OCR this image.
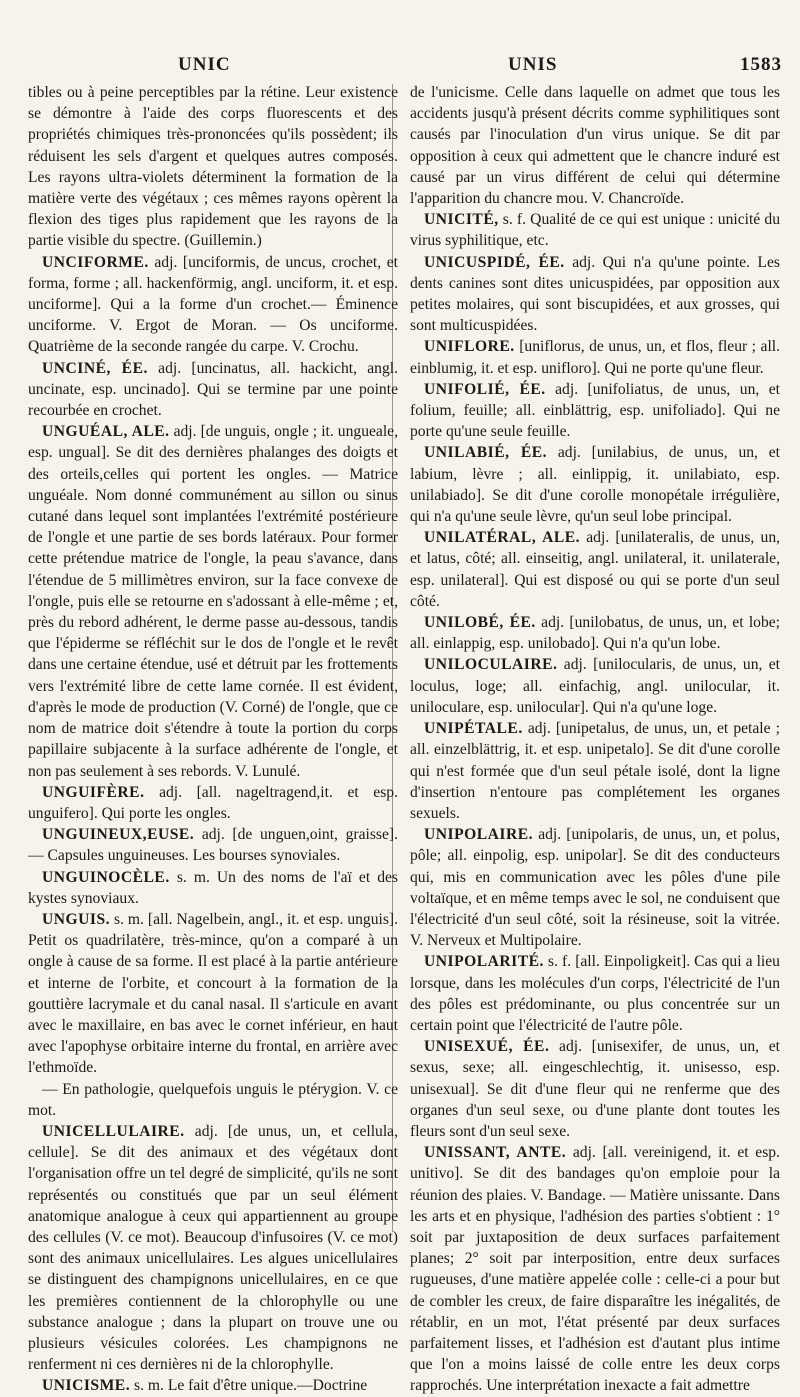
UNIC	UNIS	1583

tibles ou à peine perceptibles par la rétine. Leur existence se démontre à l'aide des corps fluorescents et des propriétés chimiques très-prononcées qu'ils possèdent; ils réduisent les sels d'argent et quelques autres composés. Les rayons ultra-violets déterminent la formation de la matière verte des végétaux ; ces mêmes rayons opèrent la flexion des tiges plus rapidement que les rayons de la partie visible du spectre. (Guillemin.)

UNCIFORME. adj. [unciformis, de uncus, crochet, et forma, forme ; all. hackenförmig, angl. unciform, it. et esp. unciforme]. Qui a la forme d'un crochet.— Éminence unciforme. V. Ergot de Moran. — Os unciforme. Quatrième de la seconde rangée du carpe. V. Crochu.

UNCINÉ, ÉE. adj. [uncinatus, all. hackicht, angl. uncinate, esp. uncinado]. Qui se termine par une pointe recourbée en crochet.

UNGUÉAL, ALE. adj. [de unguis, ongle ; it. ungueale, esp. ungual]. Se dit des dernières phalanges des doigts et des orteils,celles qui portent les ongles. — Matrice unguéale. Nom donné communément au sillon ou sinus cutané dans lequel sont implantées l'extrémité postérieure de l'ongle et une partie de ses bords latéraux. Pour former cette prétendue matrice de l'ongle, la peau s'avance, dans l'étendue de 5 millimètres environ, sur la face convexe de l'ongle, puis elle se retourne en s'adossant à elle-même ; et, près du rebord adhérent, le derme passe au-dessous, tandis que l'épiderme se réfléchit sur le dos de l'ongle et le revêt dans une certaine étendue, usé et détruit par les frottements vers l'extrémité libre de cette lame cornée. Il est évident, d'après le mode de production (V. Corné) de l'ongle, que ce nom de matrice doit s'étendre à toute la portion du corps papillaire subjacente à la surface adhérente de l'ongle, et non pas seulement à ses rebords. V. Lunulé.

UNGUIFÈRE. adj. [all. nageltragend,it. et esp. unguifero]. Qui porte les ongles.

UNGUINEUX,EUSE. adj. [de unguen,oint, graisse]. — Capsules unguineuses. Les bourses synoviales.

UNGUINOCÈLE. s. m. Un des noms de l'aï et des kystes synoviaux.

UNGUIS. s. m. [all. Nagelbein, angl., it. et esp. unguis]. Petit os quadrilatère, très-mince, qu'on a comparé à un ongle à cause de sa forme. Il est placé à la partie antérieure et interne de l'orbite, et concourt à la formation de la gouttière lacrymale et du canal nasal. Il s'articule en avant avec le maxillaire, en bas avec le cornet inférieur, en haut avec l'apophyse orbitaire interne du frontal, en arrière avec l'ethmoïde.

— En pathologie, quelquefois unguis le ptérygion. V. ce mot.

UNICELLULAIRE. adj. [de unus, un, et cellula, cellule]. Se dit des animaux et des végétaux dont l'organisation offre un tel degré de simplicité, qu'ils ne sont représentés ou constitués que par un seul élément anatomique analogue à ceux qui appartiennent au groupe des cellules (V. ce mot). Beaucoup d'infusoires (V. ce mot) sont des animaux unicellulaires. Les algues unicellulaires se distinguent des champignons unicellulaires, en ce que les premières contiennent de la chlorophylle ou une substance analogue ; dans la plupart on trouve une ou plusieurs vésicules colorées. Les champignons ne renferment ni ces dernières ni de la chlorophylle.

UNICISME. s. m. Le fait d'être unique.—Doctrine

de l'unicisme. Celle dans laquelle on admet que tous les accidents jusqu'à présent décrits comme syphilitiques sont causés par l'inoculation d'un virus unique. Se dit par opposition à ceux qui admettent que le chancre induré est causé par un virus différent de celui qui détermine l'apparition du chancre mou. V. Chancroïde.

UNICITÉ, s. f. Qualité de ce qui est unique : unicité du virus syphilitique, etc.

UNICUSPIDÉ, ÉE. adj. Qui n'a qu'une pointe. Les dents canines sont dites unicuspidées, par opposition aux petites molaires, qui sont biscupidées, et aux grosses, qui sont multicuspidées.

UNIFLORE. [uniflorus, de unus, un, et flos, fleur ; all. einblumig, it. et esp. unifloro]. Qui ne porte qu'une fleur.

UNIFOLIÉ, ÉE. adj. [unifoliatus, de unus, un, et folium, feuille; all. einblättrig, esp. unifoliado]. Qui ne porte qu'une seule feuille.

UNILABIÉ, ÉE. adj. [unilabius, de unus, un, et labium, lèvre ; all. einlippig, it. unilabiato, esp. unilabiado]. Se dit d'une corolle monopétale irrégulière, qui n'a qu'une seule lèvre, qu'un seul lobe principal.

UNILATÉRAL, ALE. adj. [unilateralis, de unus, un, et latus, côté; all. einseitig, angl. unilateral, it. unilaterale, esp. unilateral]. Qui est disposé ou qui se porte d'un seul côté.

UNILOBÉ, ÉE. adj. [unilobatus, de unus, un, et lobe; all. einlappig, esp. unilobado]. Qui n'a qu'un lobe.

UNILOCULAIRE. adj. [unilocularis, de unus, un, et loculus, loge; all. einfachig, angl. unilocular, it. uniloculare, esp. unilocular]. Qui n'a qu'une loge.

UNIPÉTALE. adj. [unipetalus, de unus, un, et petale ; all. einzelblättrig, it. et esp. unipetalo]. Se dit d'une corolle qui n'est formée que d'un seul pétale isolé, dont la ligne d'insertion n'entoure pas complétement les organes sexuels.

UNIPOLAIRE. adj. [unipolaris, de unus, un, et polus, pôle; all. einpolig, esp. unipolar]. Se dit des conducteurs qui, mis en communication avec les pôles d'une pile voltaïque, et en même temps avec le sol, ne conduisent que l'électricité d'un seul côté, soit la résineuse, soit la vitrée. V. Nerveux et Multipolaire.

UNIPOLARITÉ. s. f. [all. Einpoligkeit]. Cas qui a lieu lorsque, dans les molécules d'un corps, l'électricité de l'un des pôles est prédominante, ou plus concentrée sur un certain point que l'électricité de l'autre pôle.

UNISEXUÉ, ÉE. adj. [unisexifer, de unus, un, et sexus, sexe; all. eingeschlechtig, it. unisesso, esp. unisexual]. Se dit d'une fleur qui ne renferme que des organes d'un seul sexe, ou d'une plante dont toutes les fleurs sont d'un seul sexe.

UNISSANT, ANTE. adj. [all. vereinigend, it. et esp. unitivo]. Se dit des bandages qu'on emploie pour la réunion des plaies. V. Bandage. — Matière unissante. Dans les arts et en physique, l'adhésion des parties s'obtient : 1° soit par juxtaposition de deux surfaces parfaitement planes; 2° soit par interposition, entre deux surfaces rugueuses, d'une matière appelée colle : celle-ci a pour but de combler les creux, de faire disparaître les inégalités, de rétablir, en un mot, l'état présenté par deux surfaces parfaitement lisses, et l'adhésion est d'autant plus intime que l'on a moins laissé de colle entre les deux corps rapprochés. Une interprétation inexacte a fait admettre
